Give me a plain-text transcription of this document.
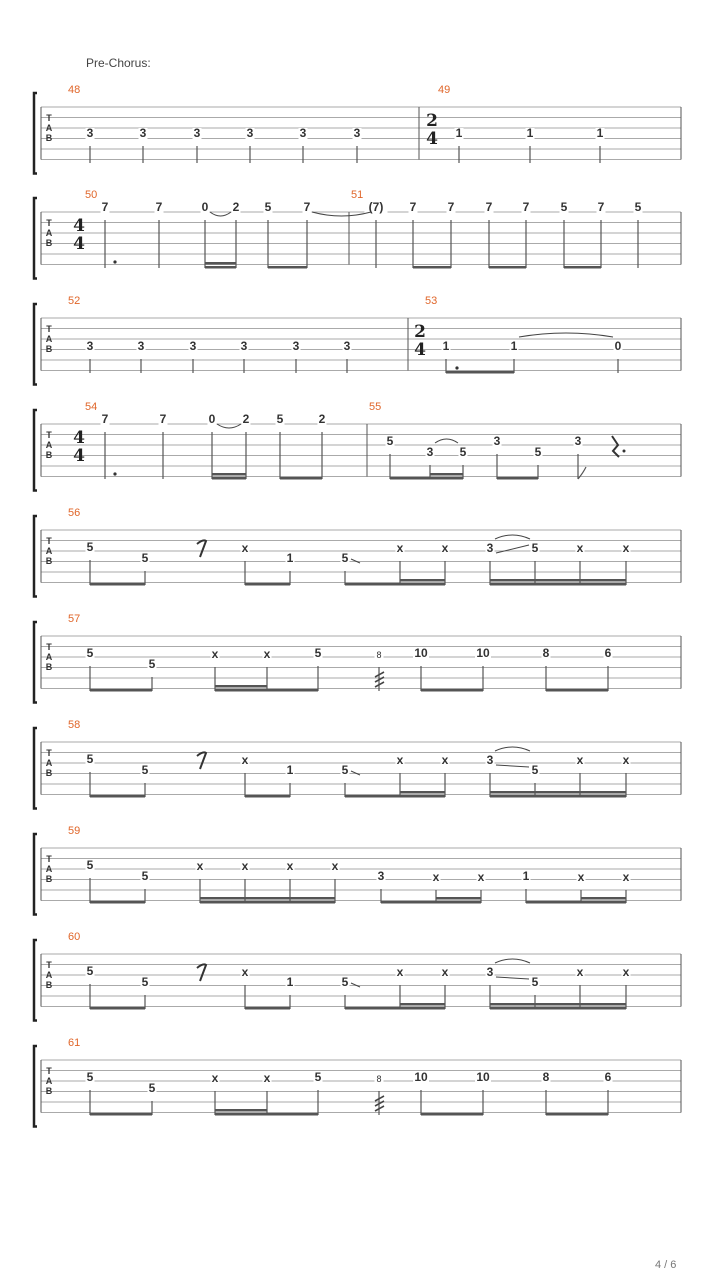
Pre-Chorus:
T
A
B
48	49
2
4
3	3	3	3	3	3	1	1	1
T
A
B
50
4
4
51
7	7	0 2 5	7	(7) 7	7	7	7	5	7	5
T
A
B
52	53
2
4
3	3	3	3	3	3	1	1	0
T
A
B
54
4
4
55
7	7	0 2 5	2
5
3 5
3
5
3
T
A
B
56
5
5
x
1	5
x	x	3	5	x	x
T
A
B
57
5
5
x	x	5	8	10	10	8	6
T
A
B
58
5
5
x
1	5
x	x	3
5
x	x
T
A
B
59
5
5
x	x	x	x
3	x	x	1	x	x
T
A
B
60
5
5
x
1	5
x	x	3
5
x	x
T
A
B
61
5
5
x	x	5	8	10	10	8	6
4 / 6
